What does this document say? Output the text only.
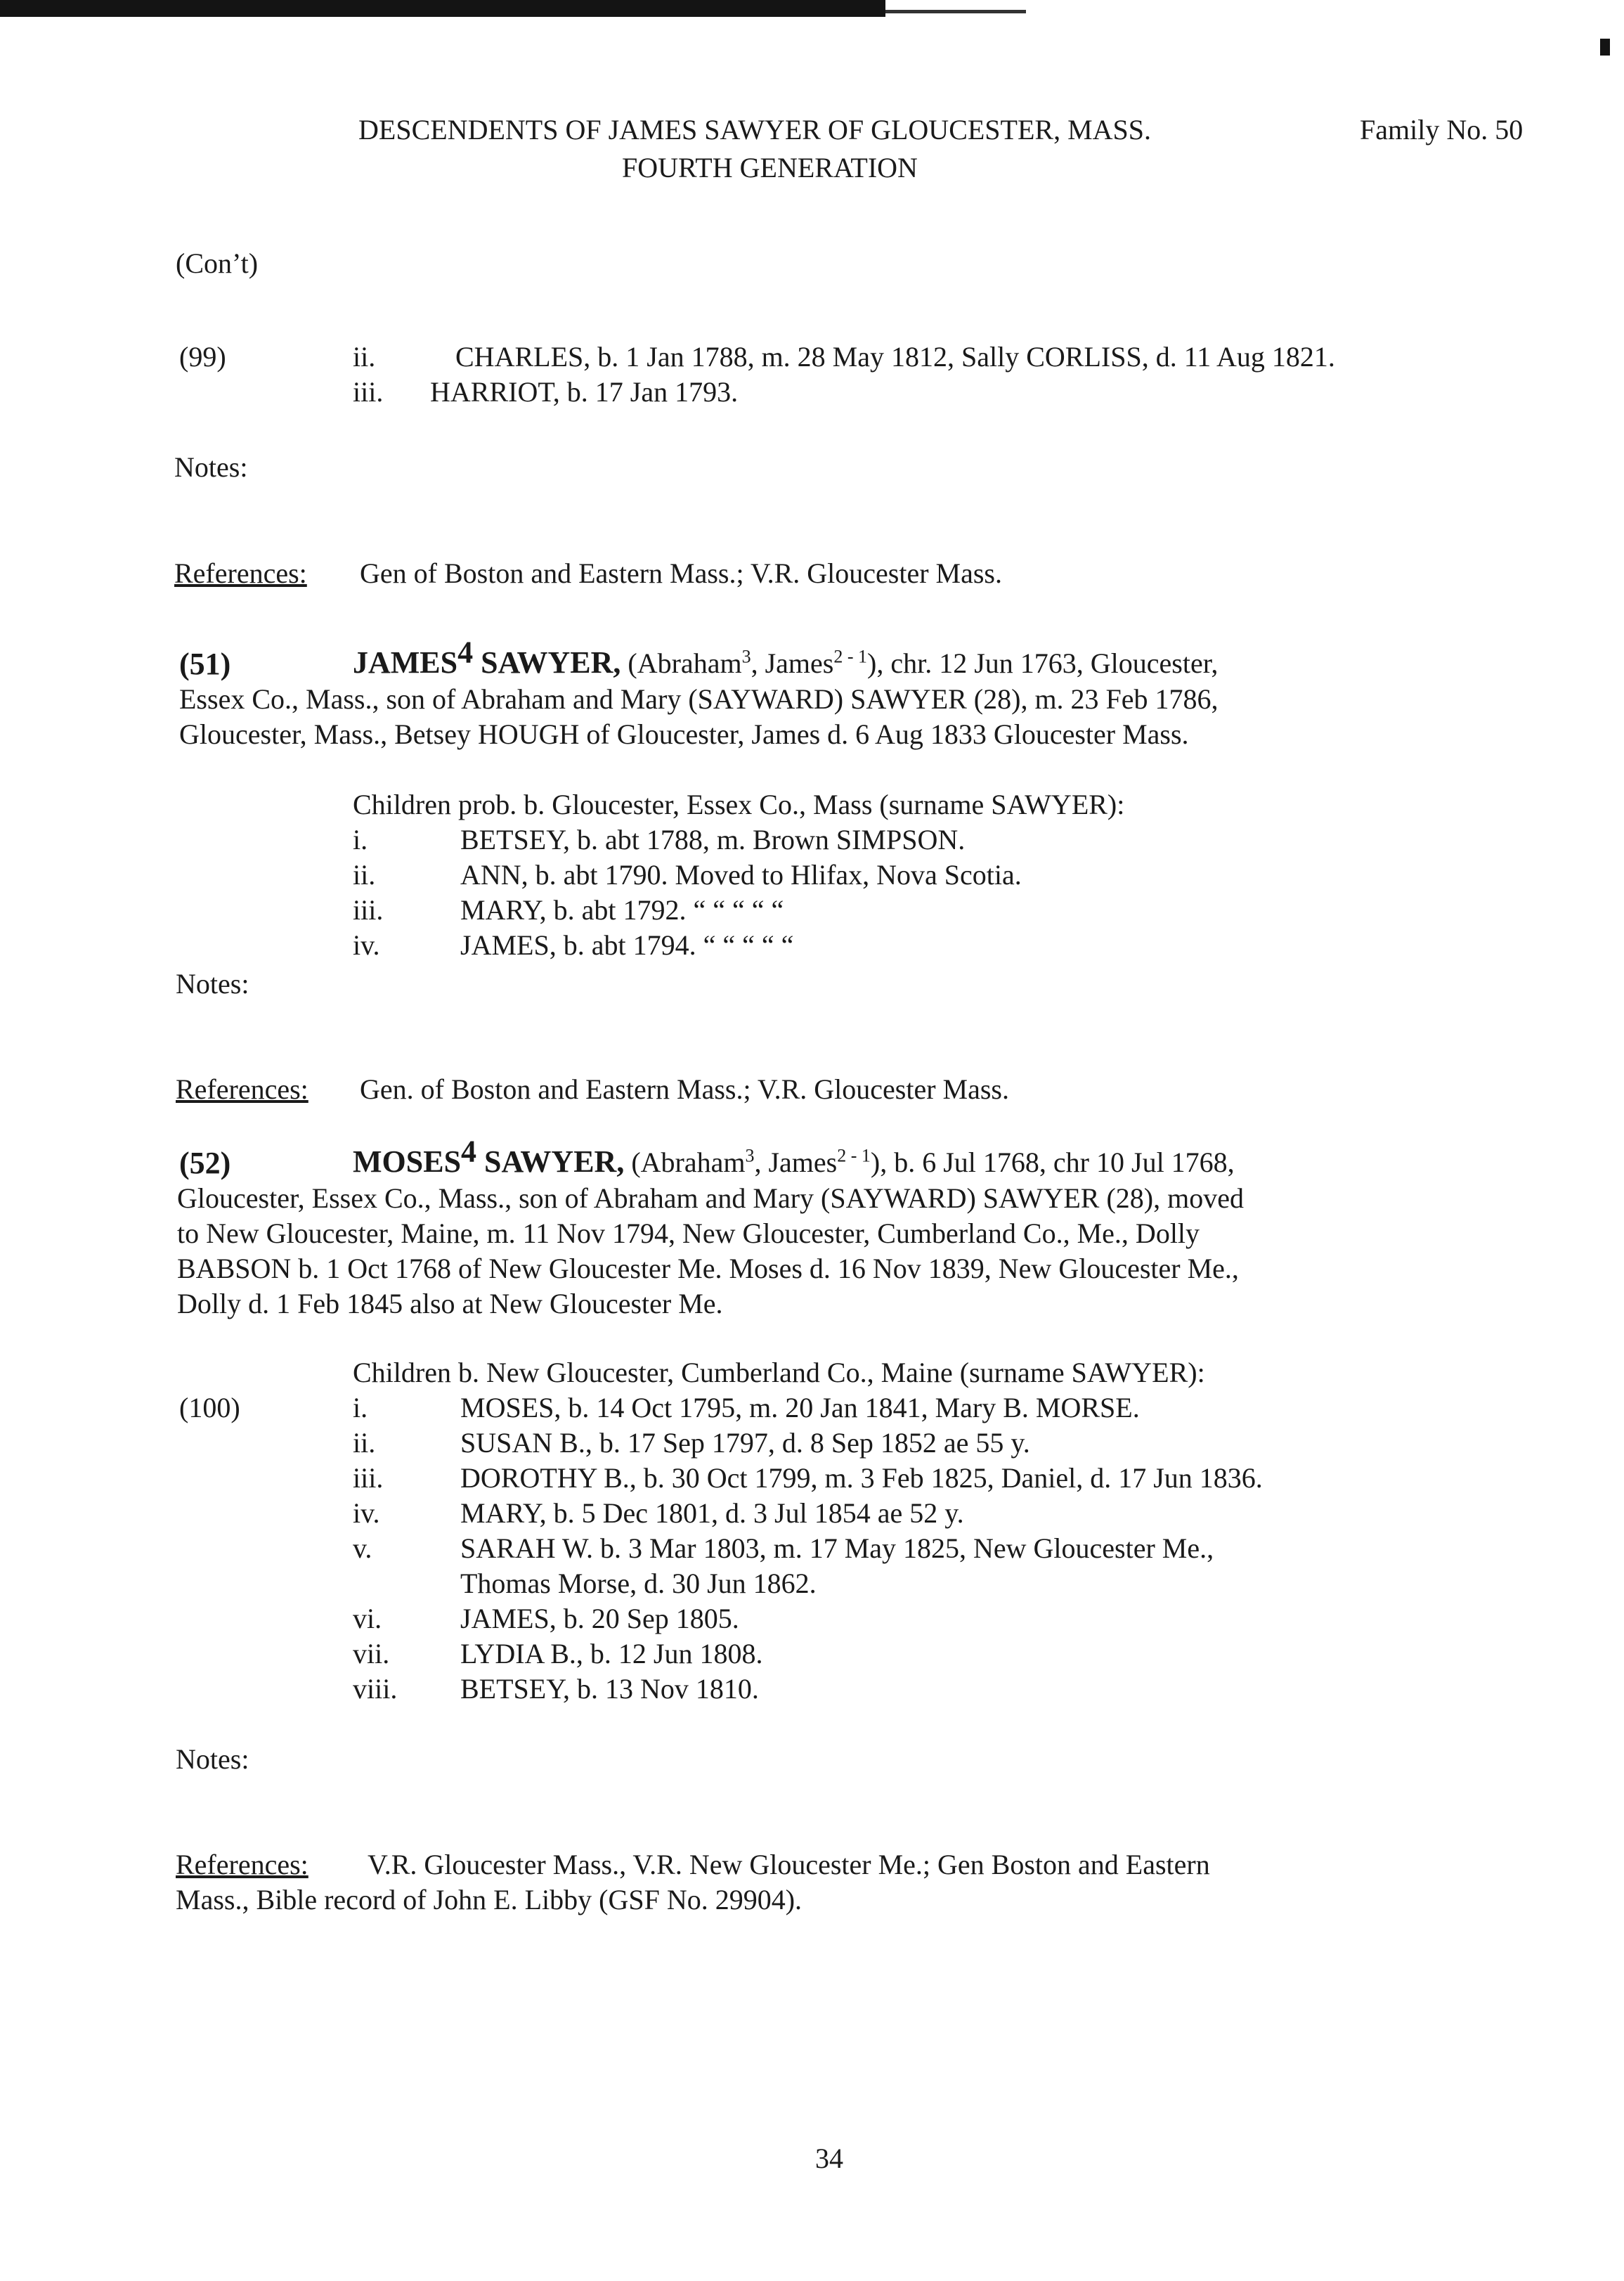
DESCENDENTS OF JAMES SAWYER OF GLOUCESTER, MASS.	Family No. 50
FOURTH GENERATION
(Con’t)
(99)	ii.	CHARLES, b. 1 Jan 1788, m. 28 May 1812, Sally CORLISS, d. 11 Aug 1821.
iii. HARRIOT, b. 17 Jan 1793.
Notes:
References: Gen of Boston and Eastern Mass.; V.R. Gloucester Mass.
(51)	JAMES$^4$ SAWYER, (Abraham$^3$, James$^{2 - 1}$), chr. 12 Jun 1763, Gloucester,
Essex Co., Mass., son of Abraham and Mary (SAYWARD) SAWYER (28), m. 23 Feb 1786,
Gloucester, Mass., Betsey HOUGH of Gloucester, James d. 6 Aug 1833 Gloucester Mass.
Children prob. b. Gloucester, Essex Co., Mass (surname SAWYER):
i.	BETSEY, b. abt 1788, m. Brown SIMPSON.
ii.	ANN, b. abt 1790. Moved to Hlifax, Nova Scotia.
iii.	MARY, b. abt 1792. “ “ “ “ “
iv.	JAMES, b. abt 1794. “ “ “ “ “
Notes:
References: Gen. of Boston and Eastern Mass.; V.R. Gloucester Mass.
(52)	MOSES$^4$ SAWYER, (Abraham$^3$, James$^{2 - 1}$), b. 6 Jul 1768, chr 10 Jul 1768,
Gloucester, Essex Co., Mass., son of Abraham and Mary (SAYWARD) SAWYER (28), moved
to New Gloucester, Maine, m. 11 Nov 1794, New Gloucester, Cumberland Co., Me., Dolly
BABSON b. 1 Oct 1768 of New Gloucester Me. Moses d. 16 Nov 1839, New Gloucester Me.,
Dolly d. 1 Feb 1845 also at New Gloucester Me.
Children b. New Gloucester, Cumberland Co., Maine (surname SAWYER):
(100)	i.	MOSES, b. 14 Oct 1795, m. 20 Jan 1841, Mary B. MORSE.
ii.	SUSAN B., b. 17 Sep 1797, d. 8 Sep 1852 ae 55 y.
iii.	DOROTHY B., b. 30 Oct 1799, m. 3 Feb 1825, Daniel, d. 17 Jun 1836.
iv.	MARY, b. 5 Dec 1801, d. 3 Jul 1854 ae 52 y.
v.	SARAH W. b. 3 Mar 1803, m. 17 May 1825, New Gloucester Me.,
Thomas Morse, d. 30 Jun 1862.
vi.	JAMES, b. 20 Sep 1805.
vii.	LYDIA B., b. 12 Jun 1808.
viii. BETSEY, b. 13 Nov 1810.
Notes:
References: V.R. Gloucester Mass., V.R. New Gloucester Me.; Gen Boston and Eastern
Mass., Bible record of John E. Libby (GSF No. 29904).
34
